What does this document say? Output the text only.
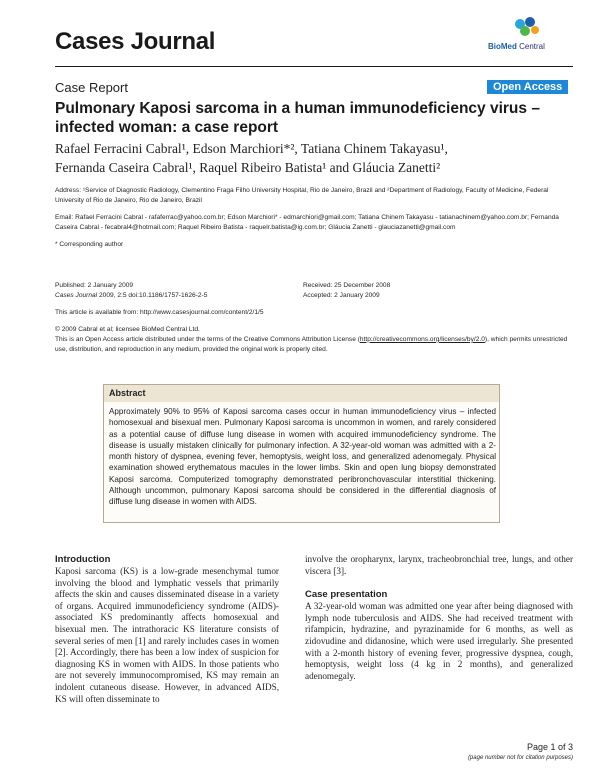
Cases Journal	BioMed Central
Case Report	Open Access
Pulmonary Kaposi sarcoma in a human immunodeficiency virus – infected woman: a case report
Rafael Ferracini Cabral¹, Edson Marchiori*², Tatiana Chinem Takayasu¹,
Fernanda Caseira Cabral¹, Raquel Ribeiro Batista¹ and Gláucia Zanetti²
Address: ¹Service of Diagnostic Radiology, Clementino Fraga Filho University Hospital, Rio de Janeiro, Brazil and ²Department of Radiology, Faculty of Medicine, Federal University of Rio de Janeiro, Rio de Janeiro, Brazil
Email: Rafael Ferracini Cabral - rafaferrac@yahoo.com.br; Edson Marchiori* - edmarchiori@gmail.com; Tatiana Chinem Takayasu - tatianachinem@yahoo.com.br; Fernanda Caseira Cabral - fecabral4@hotmail.com; Raquel Ribeiro Batista - raquelr.batista@ig.com.br; Gláucia Zanetti - glauciazanetti@gmail.com
* Corresponding author
Published: 2 January 2009
Cases Journal 2009, 2:5 doi:10.1186/1757-1626-2-5
Received: 25 December 2008
Accepted: 2 January 2009
This article is available from: http://www.casesjournal.com/content/2/1/5
© 2009 Cabral et al; licensee BioMed Central Ltd.
This is an Open Access article distributed under the terms of the Creative Commons Attribution License (http://creativecommons.org/licenses/by/2.0), which permits unrestricted use, distribution, and reproduction in any medium, provided the original work is properly cited.
Abstract
Approximately 90% to 95% of Kaposi sarcoma cases occur in human immunodeficiency virus – infected homosexual and bisexual men. Pulmonary Kaposi sarcoma is uncommon in women, and rarely considered as a potential cause of diffuse lung disease in women with acquired immunodeficiency syndrome. The disease is usually mistaken clinically for pulmonary infection. A 32-year-old woman was admitted with a 2-month history of dyspnea, evening fever, hemoptysis, weight loss, and generalized adenomegaly. Physical examination showed erythematous macules in the lower limbs. Skin and open lung biopsy demonstrated Kaposi sarcoma. Computerized tomography demonstrated peribronchovascular interstitial thickening. Although uncommon, pulmonary Kaposi sarcoma should be considered in the differential diagnosis of diffuse lung disease in women with AIDS.
Introduction
Kaposi sarcoma (KS) is a low-grade mesenchymal tumor involving the blood and lymphatic vessels that primarily affects the skin and causes disseminated disease in a variety of organs. Acquired immunodeficiency syndrome (AIDS)-associated KS predominantly affects homosexual and bisexual men. The intrathoracic KS literature consists of several series of men [1] and rarely includes cases in women [2]. Accordingly, there has been a low index of suspicion for diagnosing KS in women with AIDS. In those patients who are not severely immunocompromised, KS may remain an indolent cutaneous disease. However, in advanced AIDS, KS will often disseminate to
involve the oropharynx, larynx, tracheobronchial tree, lungs, and other viscera [3].
Case presentation
A 32-year-old woman was admitted one year after being diagnosed with lymph node tuberculosis and AIDS. She had received treatment with rifampicin, hydrazine, and pyrazinamide for 6 months, as well as zidovudine and didanosine, which were used irregularly. She presented with a 2-month history of evening fever, progressive dyspnea, cough, hemoptysis, weight loss (4 kg in 2 months), and generalized adenomegaly.
Page 1 of 3
(page number not for citation purposes)
